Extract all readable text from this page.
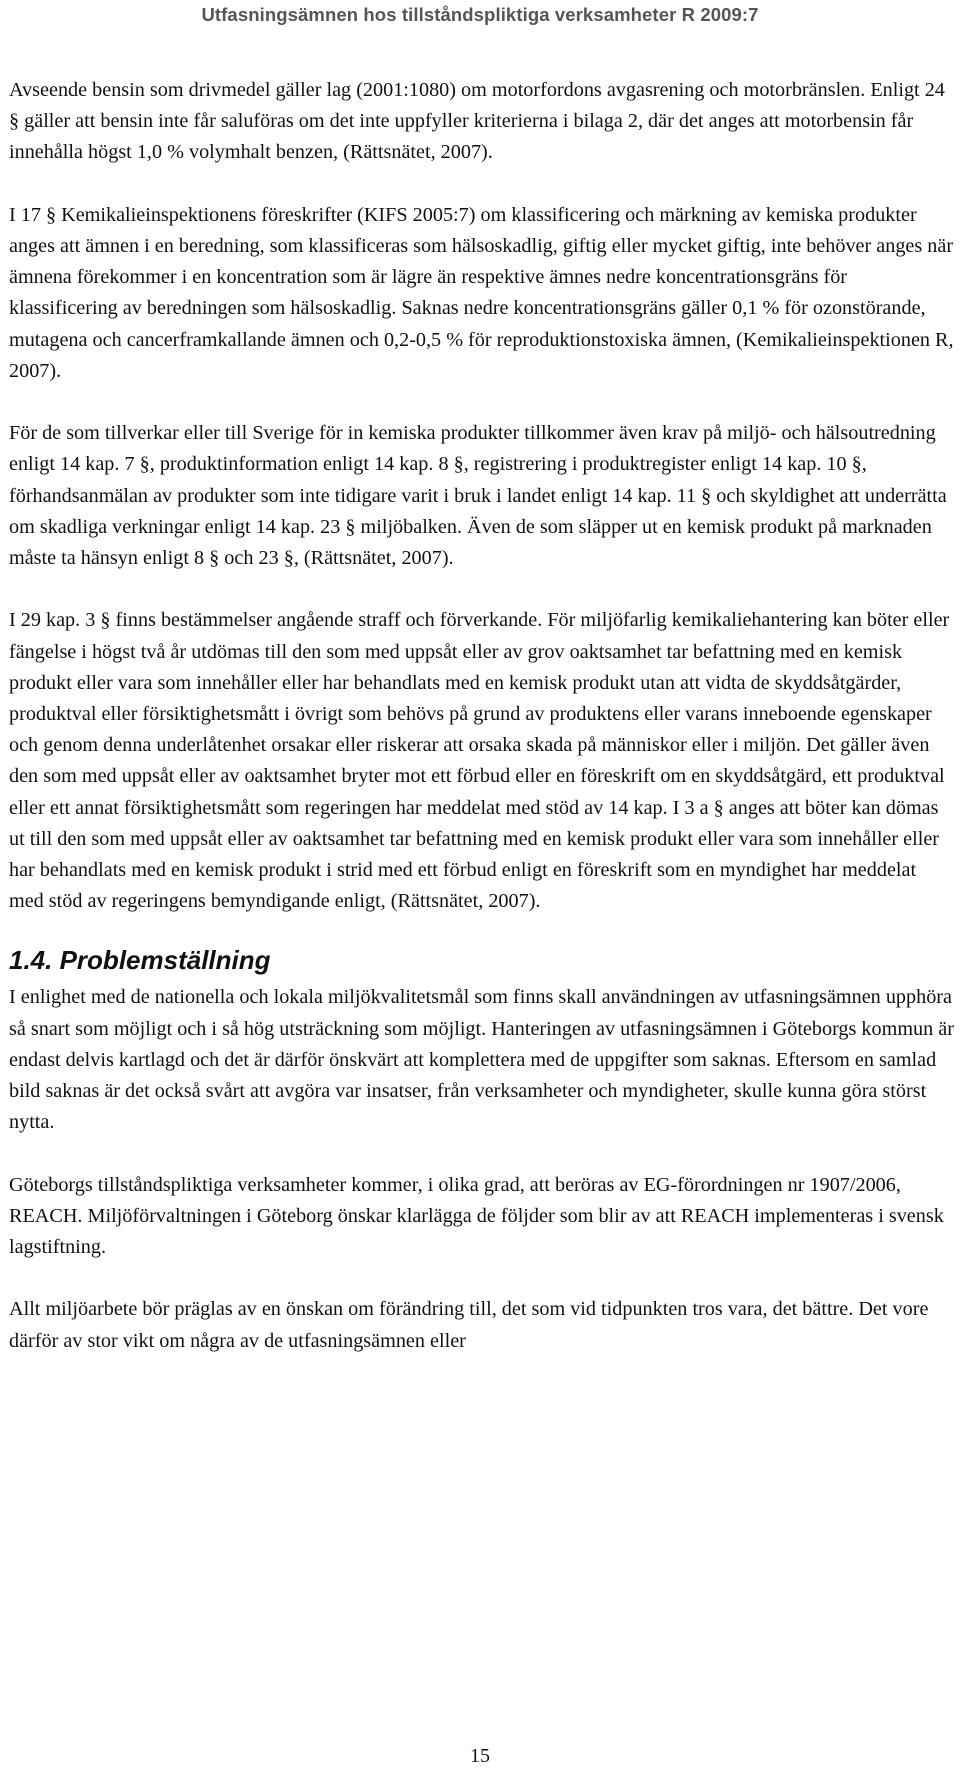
Utfasningsämnen hos tillståndspliktiga verksamheter R 2009:7

Avseende bensin som drivmedel gäller lag (2001:1080) om motorfordons avgasrening och motorbränslen. Enligt 24 § gäller att bensin inte får saluföras om det inte uppfyller kriterierna i bilaga 2, där det anges att motorbensin får innehålla högst 1,0 % volymhalt benzen, (Rättsnätet, 2007).

I 17 § Kemikalieinspektionens föreskrifter (KIFS 2005:7) om klassificering och märkning av kemiska produkter anges att ämnen i en beredning, som klassificeras som hälsoskadlig, giftig eller mycket giftig, inte behöver anges när ämnena förekommer i en koncentration som är lägre än respektive ämnes nedre koncentrationsgräns för klassificering av beredningen som hälsoskadlig. Saknas nedre koncentrationsgräns gäller 0,1 % för ozonstörande, mutagena och cancerframkallande ämnen och 0,2-0,5 % för reproduktionstoxiska ämnen, (Kemikalieinspektionen R, 2007).

För de som tillverkar eller till Sverige för in kemiska produkter tillkommer även krav på miljö- och hälsoutredning enligt 14 kap. 7 §, produktinformation enligt 14 kap. 8 §, registrering i produktregister enligt 14 kap. 10 §, förhandsanmälan av produkter som inte tidigare varit i bruk i landet enligt 14 kap. 11 § och skyldighet att underrätta om skadliga verkningar enligt 14 kap. 23 § miljöbalken. Även de som släpper ut en kemisk produkt på marknaden måste ta hänsyn enligt 8 § och 23 §, (Rättsnätet, 2007).

I 29 kap. 3 § finns bestämmelser angående straff och förverkande. För miljöfarlig kemikaliehantering kan böter eller fängelse i högst två år utdömas till den som med uppsåt eller av grov oaktsamhet tar befattning med en kemisk produkt eller vara som innehåller eller har behandlats med en kemisk produkt utan att vidta de skyddsåtgärder, produktval eller försiktighetsmått i övrigt som behövs på grund av produktens eller varans inneboende egenskaper och genom denna underlåtenhet orsakar eller riskerar att orsaka skada på människor eller i miljön. Det gäller även den som med uppsåt eller av oaktsamhet bryter mot ett förbud eller en föreskrift om en skyddsåtgärd, ett produktval eller ett annat försiktighetsmått som regeringen har meddelat med stöd av 14 kap. I 3 a § anges att böter kan dömas ut till den som med uppsåt eller av oaktsamhet tar befattning med en kemisk produkt eller vara som innehåller eller har behandlats med en kemisk produkt i strid med ett förbud enligt en föreskrift som en myndighet har meddelat med stöd av regeringens bemyndigande enligt, (Rättsnätet, 2007).

1.4. Problemställning

I enlighet med de nationella och lokala miljökvalitetsmål som finns skall användningen av utfasningsämnen upphöra så snart som möjligt och i så hög utsträckning som möjligt. Hanteringen av utfasningsämnen i Göteborgs kommun är endast delvis kartlagd och det är därför önskvärt att komplettera med de uppgifter som saknas. Eftersom en samlad bild saknas är det också svårt att avgöra var insatser, från verksamheter och myndigheter, skulle kunna göra störst nytta.

Göteborgs tillståndspliktiga verksamheter kommer, i olika grad, att beröras av EG-förordningen nr 1907/2006, REACH. Miljöförvaltningen i Göteborg önskar klarlägga de följder som blir av att REACH implementeras i svensk lagstiftning.

Allt miljöarbete bör präglas av en önskan om förändring till, det som vid tidpunkten tros vara, det bättre. Det vore därför av stor vikt om några av de utfasningsämnen eller

15
